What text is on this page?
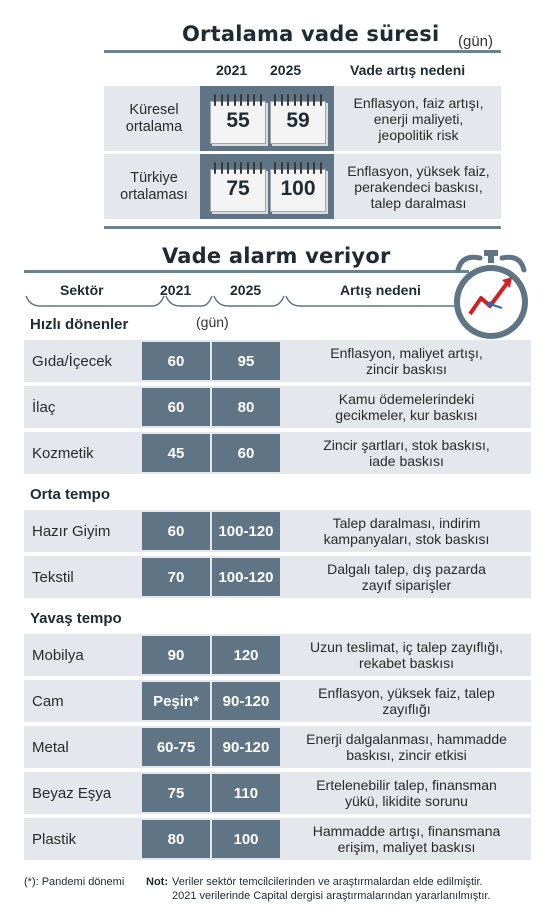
Ortalama vade süresi (gün)
2021 2025	Vade artış nedeni
Küresel
ortalama	55	59
Enflasyon, faiz artışı,
enerji maliyeti,
jeopolitik risk
Türkiye
ortalaması	75	100
Enflasyon, yüksek faiz,
perakendeci baskısı,
talep daralması
Vade alarm veriyor
Sektör	2021	2025	Artış nedeni
Hızlı dönenler	(gün)
Gıda/İçecek	60	95	Enflasyon, maliyet artışı,
zincir baskısı
İlaç	60	80	Kamu ödemelerindeki
gecikmeler, kur baskısı
Kozmetik	45	60	Zincir şartları, stok baskısı,
iade baskısı
Orta tempo
Hazır Giyim	60	100-120	Talep daralması, indirim
kampanyaları, stok baskısı
Tekstil	70	100-120	Dalgalı talep, dış pazarda
zayıf siparişler
Yavaş tempo
Mobilya	90	120	Uzun teslimat, iç talep zayıflığı,
rekabet baskısı
Cam	Peşin*	90-120	Enflasyon, yüksek faiz, talep
zayıflığı
Metal	60-75	90-120	Enerji dalgalanması, hammadde
baskısı, zincir etkisi
Beyaz Eşya	75	110	Ertelenebilir talep, finansman
yükü, likidite sorunu
Plastik	80	100	Hammadde artışı, finansmana
erişim, maliyet baskısı
(*): Pandemi dönemi Not: Veriler sektör temcilcilerinden ve araştırmalardan elde edilmiştir.
2021 verilerinde Capital dergisi araştırmalarından yararlanılmıştır.
